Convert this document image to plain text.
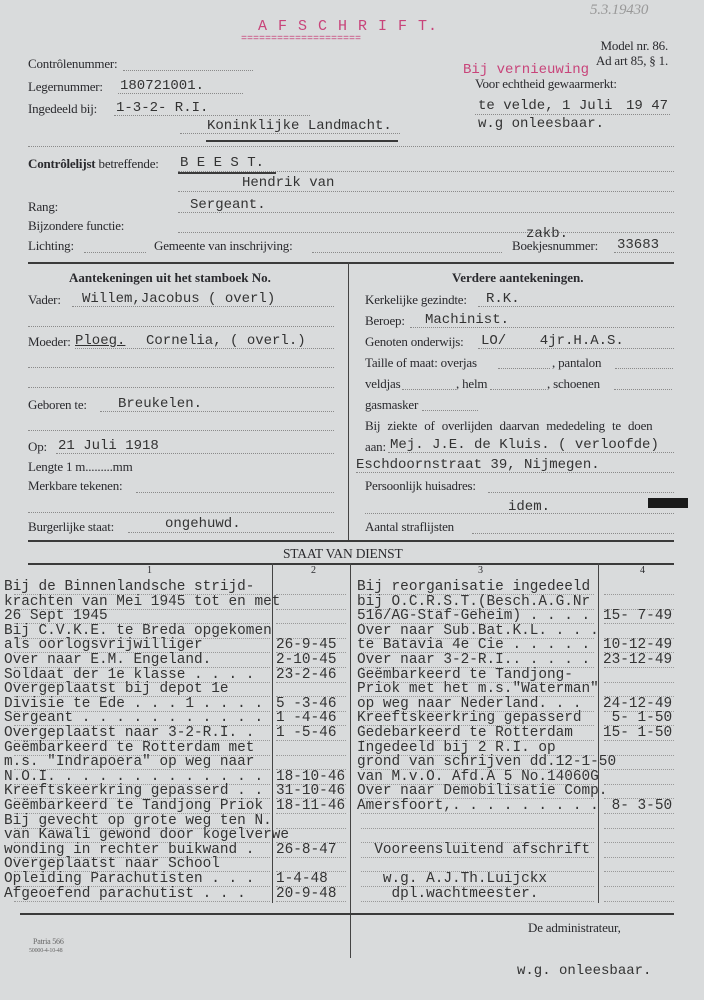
A F S C H R I F T.
====================
5.3.19430
Model nr. 86.
Ad art 85, § 1.
Bij vernieuwing
Voor echtheid gewaarmerkt:
te velde, 1 Juli 19 47
w.g onleesbaar.
Contrôlenummer:
Legernummer: 180721001.
Ingedeeld bij: 1-3-2- R.I.
Koninklijke Landmacht.
Contrôlelijst betreffende: B E E S T.
Hendrik van
Rang:	Sergeant.
Bijzondere functie:
Lichting:	Gemeente van inschrijving:
zakb.
Boekjesnummer: 33683
Aantekeningen uit het stamboek No.
Vader: Willem,Jacobus ( overl)
Moeder: Ploeg. Cornelia, ( overl.)
Geboren te: Breukelen.
Op: 21 Juli 1918
Lengte 1 m.........mm
Merkbare tekenen:
Burgerlijke staat:	ongehuwd.
Verdere aantekeningen.
Kerkelijke gezindte: R.K.
Beroep: Machinist.
Genoten onderwijs: LO/    4jr.H.A.S.
Taille of maat: overjas	, pantalon
veldjas	, helm	, schoenen
gasmasker
Bij ziekte of overlijden daarvan mededeling te doen
aan: Mej. J.E. de Kluis. ( verloofde)
Eschdoornstraat 39, Nijmegen.
Persoonlijk huisadres:
idem.
Aantal straflijsten
STAAT VAN DIENST
1	2	3	4
Bij de Binnenlandsche strijd-	Bij reorganisatie ingedeeld
krachten van Mei 1945 tot en met	bij O.C.R.S.T.(Besch.A.G.Nr
26 Sept 1945	516/AG-Staf-Geheim) . . . . 15- 7-49
Bij C.V.K.E. te Breda opgekomen	Over naar Sub.Bat.K.L. . . .
als oorlogsvrijwilliger	26-9-45 te Batavia 4e Cie . . . . . 10-12-49
Over naar E.M. Engeland.	2-10-45 Over naar 3-2-R.I.. . . . . 23-12-49
Soldaat der 1e klasse . . . . 23-2-46 Geëmbarkeerd te Tandjong-
Overgeplaatst bij depot 1e	Priok met het m.s."Waterman"
Divisie te Ede . . . 1 . . . . 5 -3-46 op weg naar Nederland. . . 24-12-49
Sergeant . . . . . . . . . . . 1 -4-46 Kreeftskeerkring gepasserd 5- 1-50
Overgeplaatst naar 3-2-R.I. . 1 -5-46 Gedebarkeerd te Rotterdam 15- 1-50
Geëmbarkeerd te Rotterdam met	Ingedeeld bij 2 R.I. op
m.s. "Indrapoera" op weg naar	grond van schrijven dd.12-1-50
N.O.I. . . . . . . . . . . . . 18-10-46 van M.v.O. Afd.A 5 No.14060G
Kreeftskeerkring gepasserd . . 31-10-46 Over naar Demobilisatie Comp.
Geëmbarkeerd te Tandjong Priok 18-11-46 Amersfoort,. . . . . . . . . 8- 3-50
Bij gevecht op grote weg ten N.
van Kawali gewond door kogelverwe
wonding in rechter buikwand . 26-8-47 Vooreensluitend afschrift
Overgeplaatst naar School
Opleiding Parachutisten . . . 1-4-48 w.g. A.J.Th.Luijckx
Afgeoefend parachutist . . . 20-9-48 dpl.wachtmeester.
De administrateur,
Patria 566
50000-4-10-48
w.g. onleesbaar.
